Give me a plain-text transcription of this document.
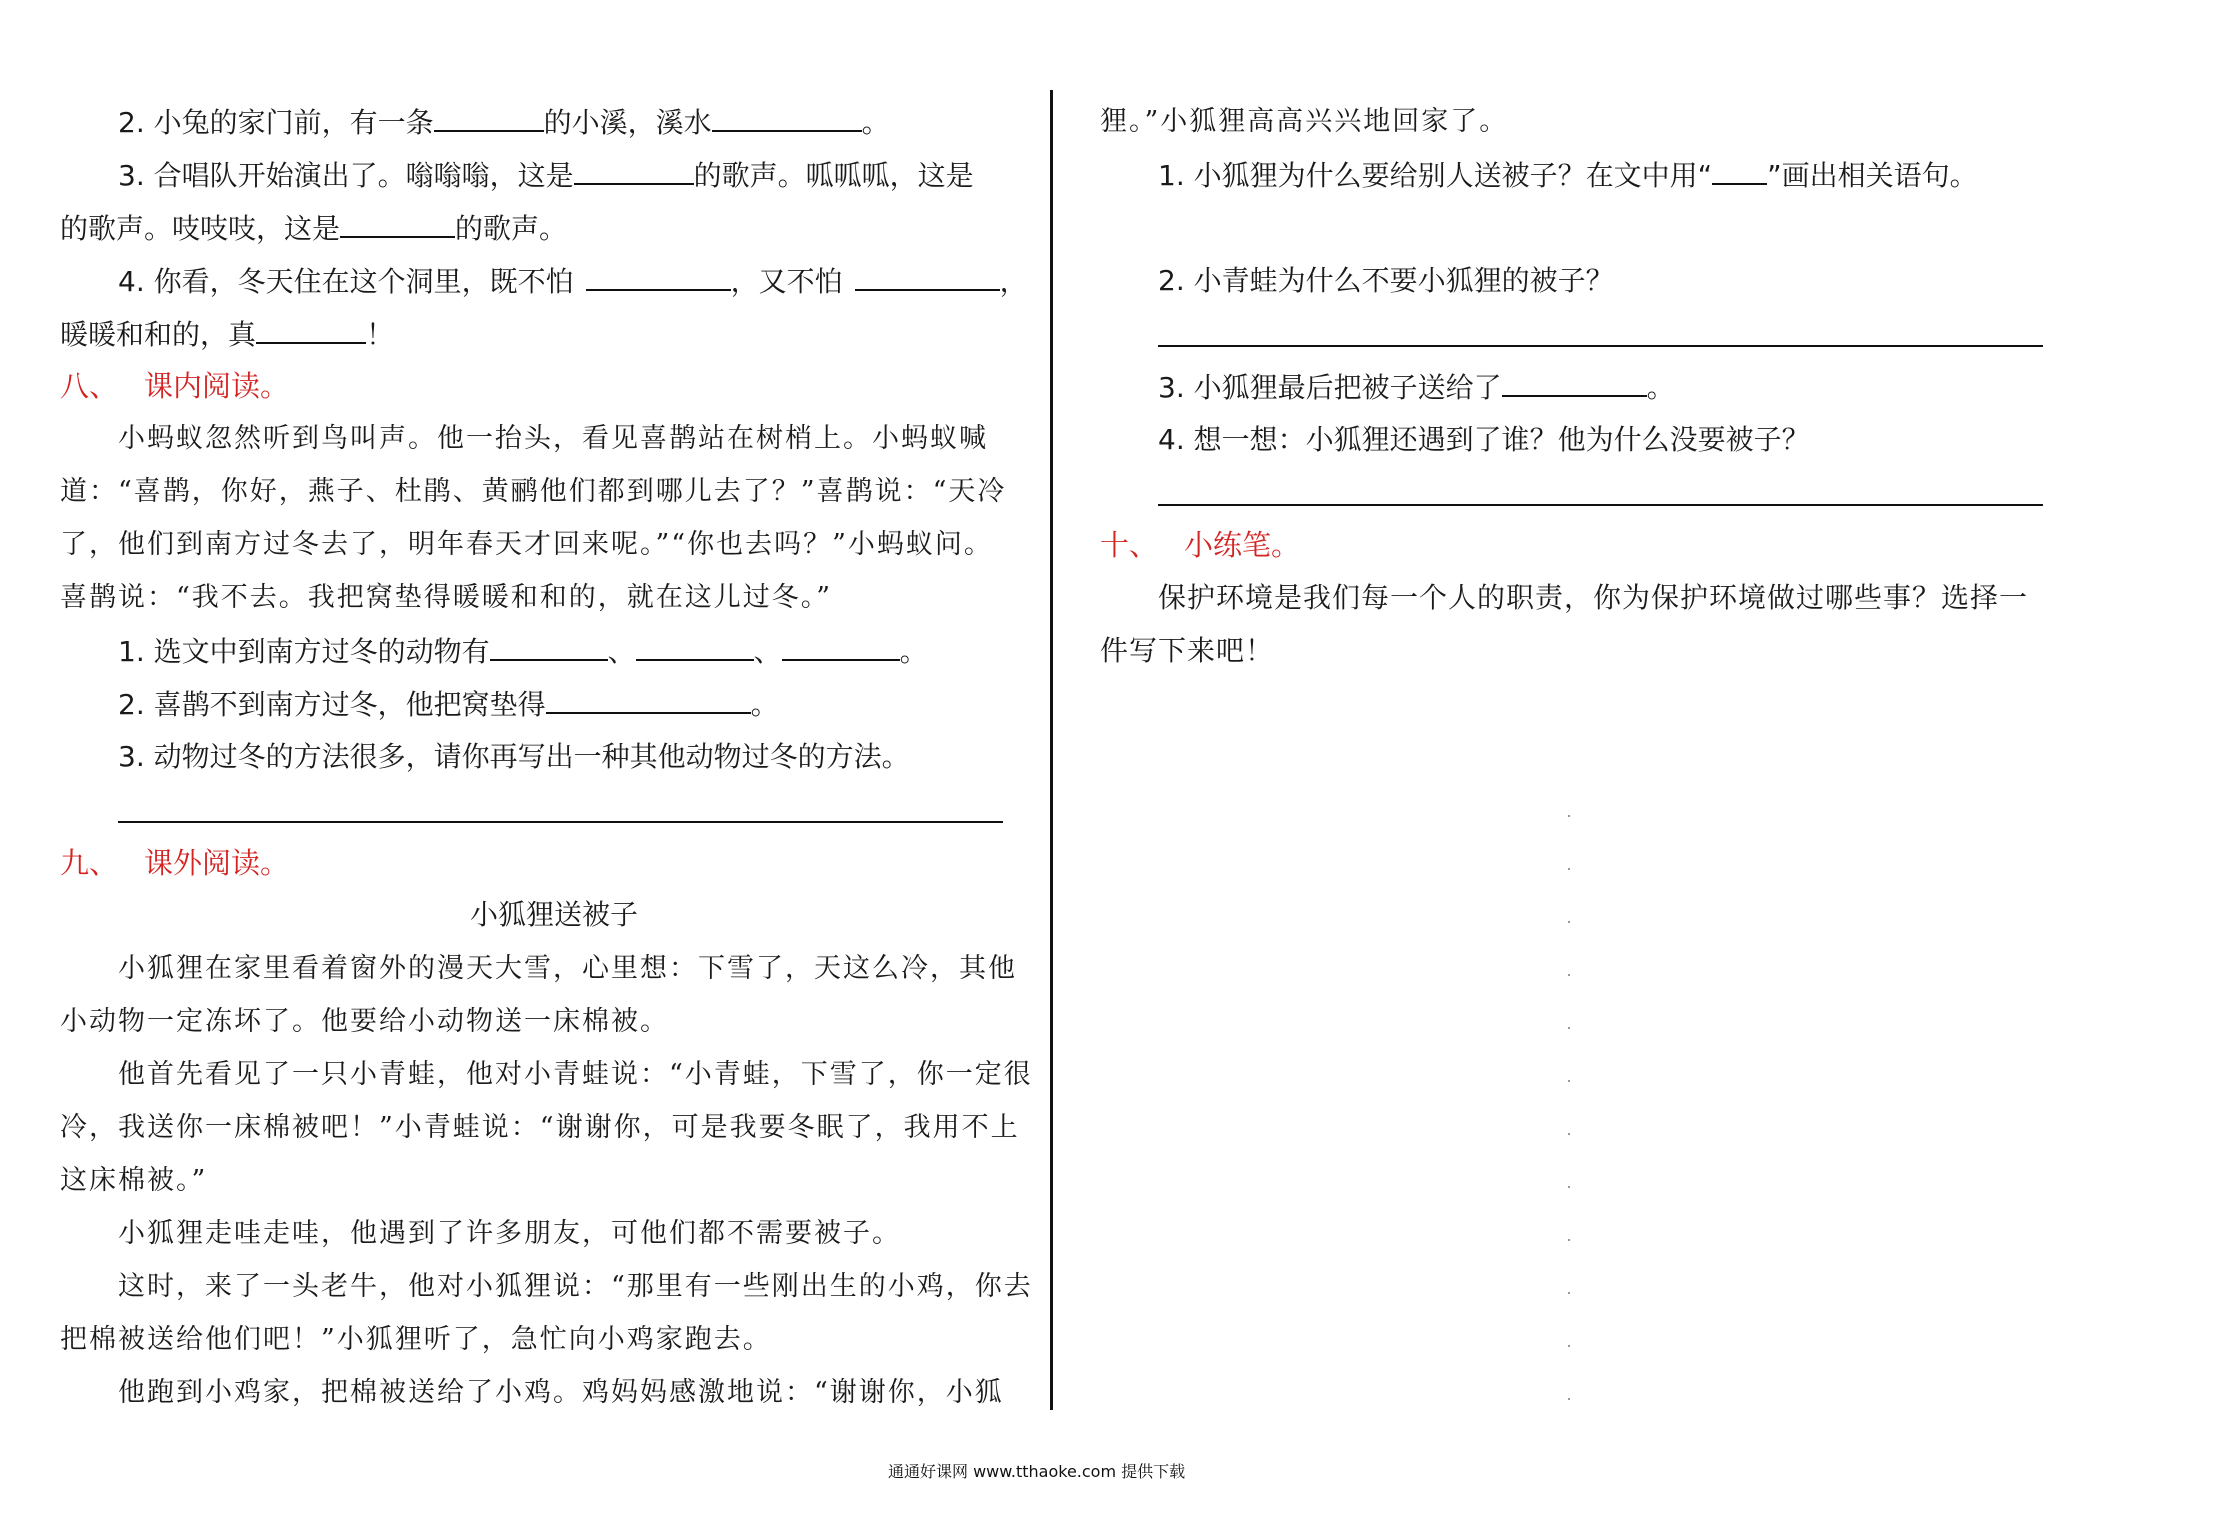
2. 小兔的家门前，有一条	的小溪，溪水	。
3. 合唱队开始演出了。嗡嗡嗡，这是	的歌声。呱呱呱，这是
的歌声。吱吱吱，这是	的歌声。
4. 你看，冬天住在这个洞里，既不怕	，又不怕	，
暖暖和和的，真	！
八、 课内阅读。
小蚂蚁忽然听到鸟叫声。他一抬头，看见喜鹊站在树梢上。小蚂蚁喊
道：“喜鹊，你好，燕子、杜鹃、黄鹂他们都到哪儿去了？”喜鹊说：“天冷
了，他们到南方过冬去了，明年春天才回来呢。”“你也去吗？”小蚂蚁问。
喜鹊说：“我不去。我把窝垫得暖暖和和的，就在这儿过冬。”
1. 选文中到南方过冬的动物有	、	、	。
2. 喜鹊不到南方过冬，他把窝垫得	。
3. 动物过冬的方法很多，请你再写出一种其他动物过冬的方法。
九、 课外阅读。
小狐狸送被子
小狐狸在家里看着窗外的漫天大雪，心里想：下雪了，天这么冷，其他
小动物一定冻坏了。他要给小动物送一床棉被。
他首先看见了一只小青蛙，他对小青蛙说：“小青蛙，下雪了，你一定很
冷，我送你一床棉被吧！”小青蛙说：“谢谢你，可是我要冬眠了，我用不上
这床棉被。”
小狐狸走哇走哇，他遇到了许多朋友，可他们都不需要被子。
这时，来了一头老牛，他对小狐狸说：“那里有一些刚出生的小鸡，你去
把棉被送给他们吧！”小狐狸听了，急忙向小鸡家跑去。
他跑到小鸡家，把棉被送给了小鸡。鸡妈妈感激地说：“谢谢你，小狐
狸。”小狐狸高高兴兴地回家了。
1. 小狐狸为什么要给别人送被子？在文中用“ ”画出相关语句。
2. 小青蛙为什么不要小狐狸的被子？
3. 小狐狸最后把被子送给了	。
4. 想一想：小狐狸还遇到了谁？他为什么没要被子？
十、 小练笔。
保护环境是我们每一个人的职责，你为保护环境做过哪些事？选择一
件写下来吧！
通通好课网 www.tthaoke.com 提供下载
